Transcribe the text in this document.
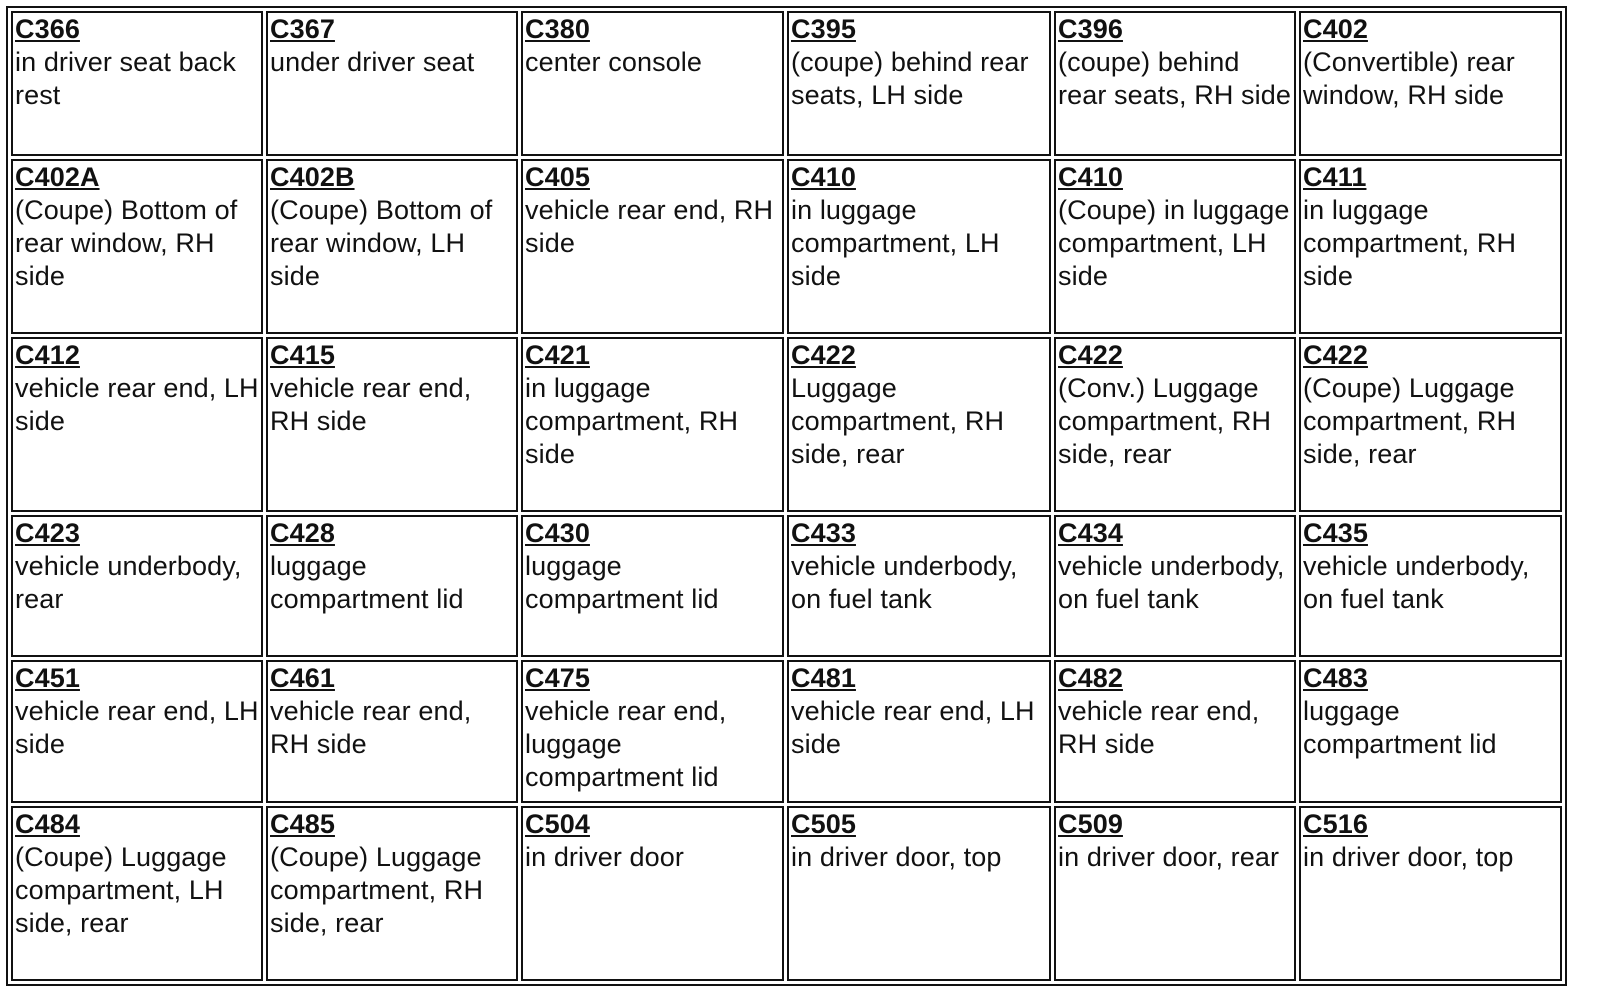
C366
in driver seat back rest	C367
under driver seat	C380
center console	C395
(coupe) behind rear seats, LH side	C396
(coupe) behind rear seats, RH side	C402
(Convertible) rear window, RH side

C402A
(Coupe) Bottom of rear window, RH side	C402B
(Coupe) Bottom of rear window, LH side	C405
vehicle rear end, RH side	C410
in luggage compartment, LH side	C410
(Coupe) in luggage compartment, LH side	C411
in luggage compartment, RH side

C412
vehicle rear end, LH side	C415
vehicle rear end, RH side	C421
in luggage compartment, RH side	C422
Luggage compartment, RH side, rear	C422
(Conv.) Luggage compartment, RH side, rear	C422
(Coupe) Luggage compartment, RH side, rear

C423
vehicle underbody, rear	C428
luggage compartment lid	C430
luggage compartment lid	C433
vehicle underbody, on fuel tank	C434
vehicle underbody, on fuel tank	C435
vehicle underbody, on fuel tank

C451
vehicle rear end, LH side	C461
vehicle rear end, RH side	C475
vehicle rear end, luggage compartment lid	C481
vehicle rear end, LH side	C482
vehicle rear end, RH side	C483
luggage compartment lid

C484
(Coupe) Luggage compartment, LH side, rear	C485
(Coupe) Luggage compartment, RH side, rear	C504
in driver door	C505
in driver door, top	C509
in driver door, rear	C516
in driver door, top
